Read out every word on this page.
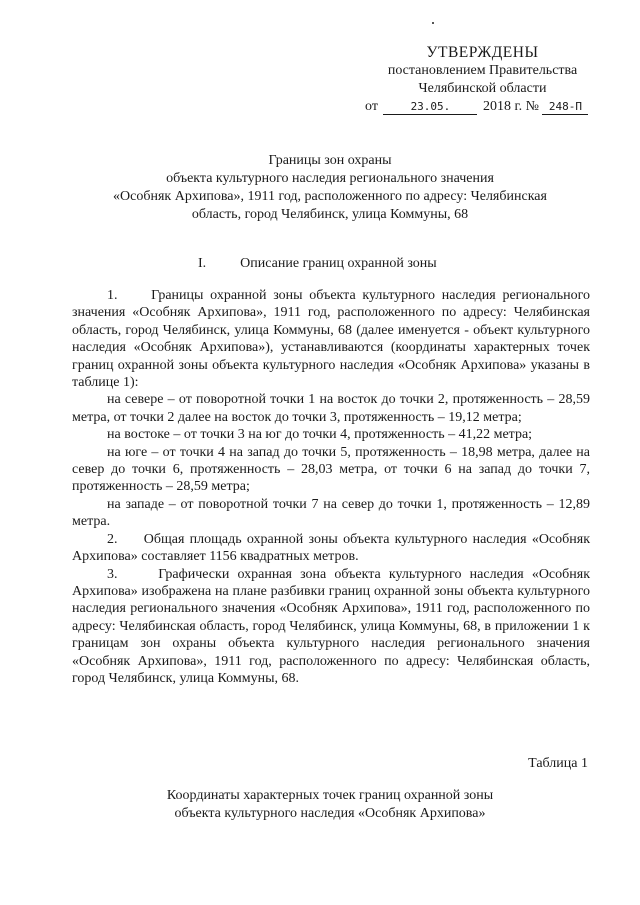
УТВЕРЖДЕНЫ
постановлением Правительства
Челябинской области
от	23.05. 2018 г. № 248-П
Границы зон охраны
объекта культурного наследия регионального значения
«Особняк Архипова», 1911 год, расположенного по адресу: Челябинская
область, город Челябинск, улица Коммуны, 68
I. Описание границ охранной зоны

1.     Границы охранной зоны объекта культурного наследия регионального значения «Особняк Архипова», 1911 год, расположенного по адресу: Челябинская область, город Челябинск, улица Коммуны, 68 (далее именуется - объект культурного наследия «Особняк Архипова»), устанавливаются (координаты характерных точек границ охранной зоны объекта культурного наследия «Особняк Архипова» указаны в таблице 1):

на севере – от поворотной точки 1 на восток до точки 2, протяженность – 28,59 метра, от точки 2 далее на восток до точки 3, протяженность – 19,12 метра;

на востоке – от точки 3 на юг до точки 4, протяженность – 41,22 метра;

на юге – от точки 4 на запад до точки 5, протяженность – 18,98 метра, далее на север до точки 6, протяженность – 28,03 метра, от точки 6 на запад до точки 7, протяженность – 28,59 метра;

на западе – от поворотной точки 7 на север до точки 1, протяженность – 12,89 метра.

2.     Общая площадь охранной зоны объекта культурного наследия «Особняк Архипова» составляет 1156 квадратных метров.

3.     Графически охранная зона объекта культурного наследия «Особняк Архипова» изображена на плане разбивки границ охранной зоны объекта культурного наследия регионального значения «Особняк Архипова», 1911 год, расположенного по адресу: Челябинская область, город Челябинск, улица Коммуны, 68, в приложении 1 к границам зон охраны объекта культурного наследия регионального значения «Особняк Архипова», 1911 год, расположенного по адресу: Челябинская область, город Челябинск, улица Коммуны, 68.

Таблица 1
Координаты характерных точек границ охранной зоны
объекта культурного наследия «Особняк Архипова»
